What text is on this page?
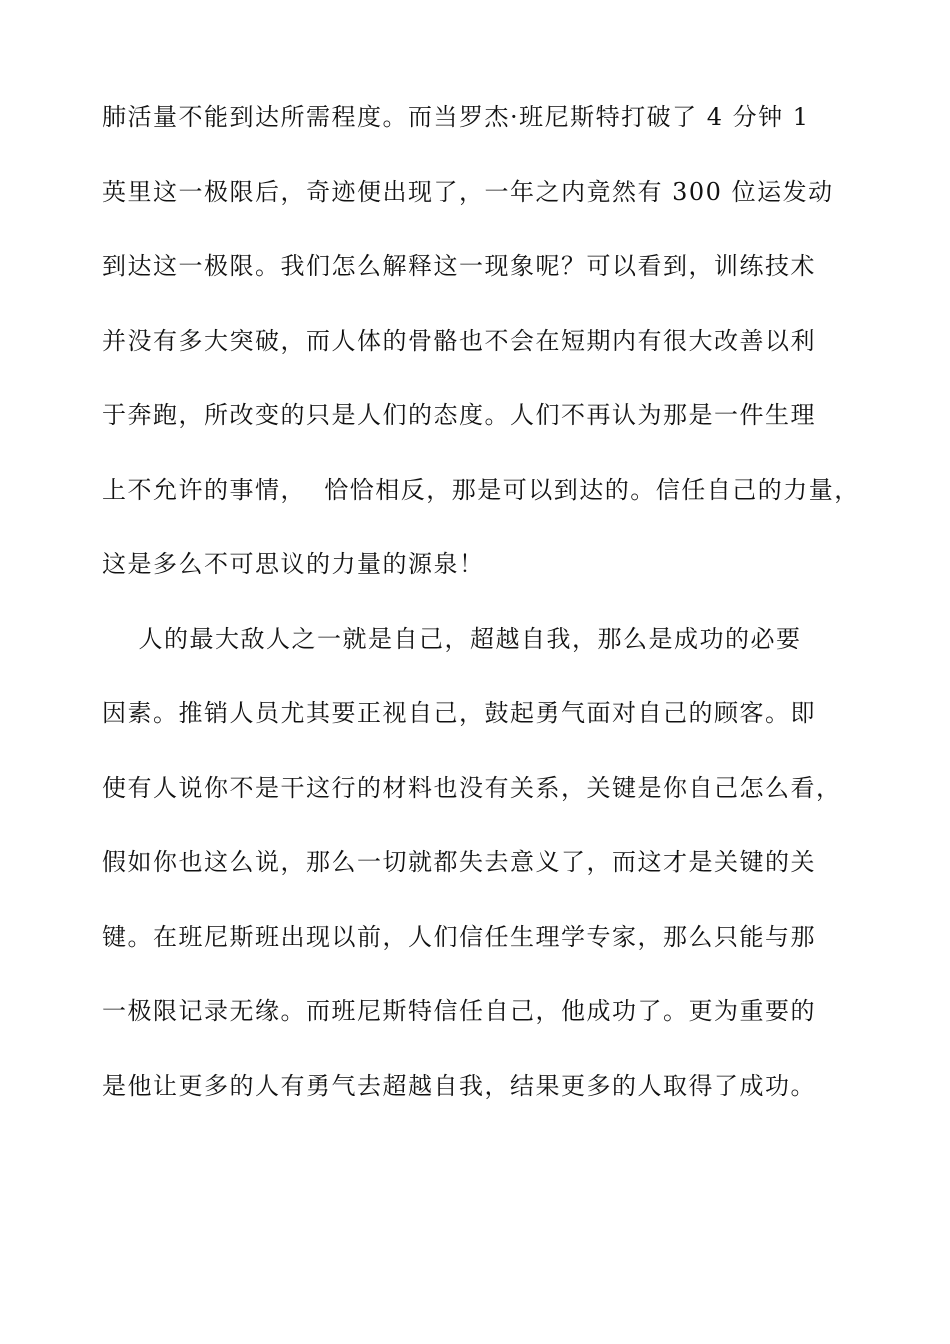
肺活量不能到达所需程度。而当罗杰·班尼斯特打破了 4 分钟 1
英里这一极限后，奇迹便出现了，一年之内竟然有 300 位运发动
到达这一极限。我们怎么解释这一现象呢？可以看到，训练技术
并没有多大突破，而人体的骨骼也不会在短期内有很大改善以利
于奔跑，所改变的只是人们的态度。人们不再认为那是一件生理
上不允许的事情，  恰恰相反，那是可以到达的。信任自己的力量，
这是多么不可思议的力量的源泉！
人的最大敌人之一就是自己，超越自我，那么是成功的必要
因素。推销人员尤其要正视自己，鼓起勇气面对自己的顾客。即
使有人说你不是干这行的材料也没有关系，关键是你自己怎么看，
假如你也这么说，那么一切就都失去意义了，而这才是关键的关
键。在班尼斯班出现以前，人们信任生理学专家，那么只能与那
一极限记录无缘。而班尼斯特信任自己，他成功了。更为重要的
是他让更多的人有勇气去超越自我，结果更多的人取得了成功。
